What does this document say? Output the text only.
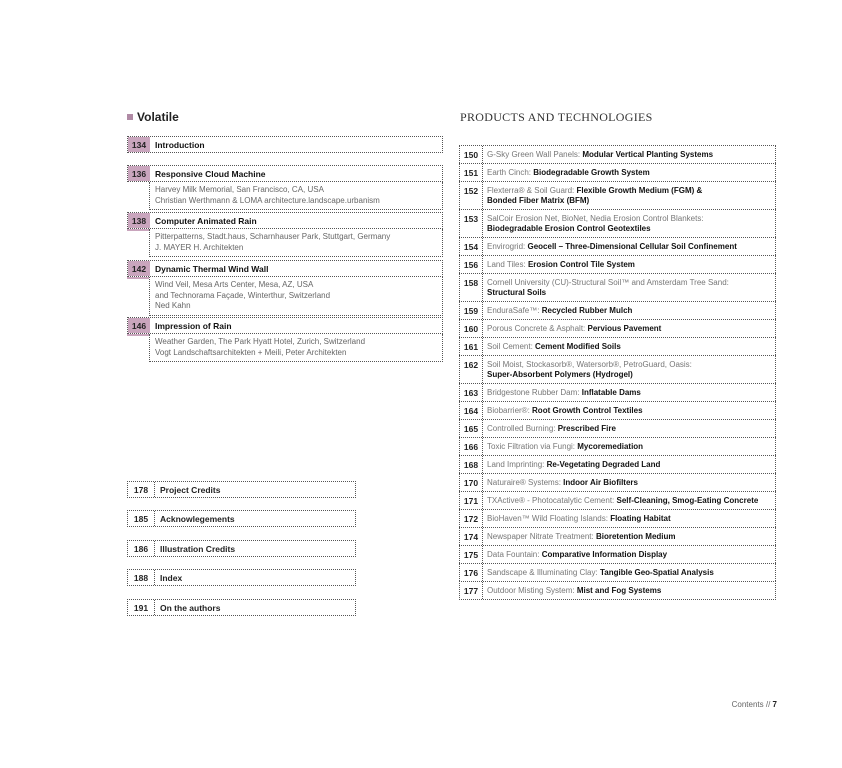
Volatile
134	Introduction
136	Responsive Cloud Machine
Harvey Milk Memorial, San Francisco, CA, USA
Christian Werthmann & LOMA architecture.landscape.urbanism
138	Computer Animated Rain
Pitterpatterns, Stadt.haus, Scharnhauser Park, Stuttgart, Germany
J. MAYER H. Architekten
142	Dynamic Thermal Wind Wall
Wind Veil, Mesa Arts Center, Mesa, AZ, USA
and Technorama Façade, Winterthur, Switzerland
Ned Kahn
146	Impression of Rain
Weather Garden, The Park Hyatt Hotel, Zurich, Switzerland
Vogt Landschaftsarchitekten + Meili, Peter Architekten
178	Project Credits
185	Acknowlegements
186	Illustration Credits
188	Index
191	On the authors
PRODUCTS AND TECHNOLOGIES
150	G-Sky Green Wall Panels: Modular Vertical Planting Systems
151	Earth Cinch: Biodegradable Growth System
152	Flexterra® & Soil Guard: Flexible Growth Medium (FGM) &
Bonded Fiber Matrix (BFM)
153	SalCoir Erosion Net, BioNet, Nedia Erosion Control Blankets:
Biodegradable Erosion Control Geotextiles
154	Envirogrid: Geocell – Three-Dimensional Cellular Soil Confinement
156	Land Tiles: Erosion Control Tile System
158	Cornell University (CU)-Structural Soil™ and Amsterdam Tree Sand:
Structural Soils
159	EnduraSafe™: Recycled Rubber Mulch
160	Porous Concrete & Asphalt: Pervious Pavement
161	Soil Cement: Cement Modified Soils
162	Soil Moist, Stockasorb®, Watersorb®, PetroGuard, Oasis:
Super-Absorbent Polymers (Hydrogel)
163	Bridgestone Rubber Dam: Inflatable Dams
164	Biobarrier®: Root Growth Control Textiles
165	Controlled Burning: Prescribed Fire
166	Toxic Filtration via Fungi: Mycoremediation
168	Land Imprinting: Re-Vegetating Degraded Land
170	Naturaire® Systems: Indoor Air Biofilters
171	TXActive® - Photocatalytic Cement: Self-Cleaning, Smog-Eating Concrete
172	BioHaven™ Wild Floating Islands: Floating Habitat
174	Newspaper Nitrate Treatment: Bioretention Medium
175	Data Fountain: Comparative Information Display
176	Sandscape & Illuminating Clay: Tangible Geo-Spatial Analysis
177	Outdoor Misting System: Mist and Fog Systems
Contents // 7
